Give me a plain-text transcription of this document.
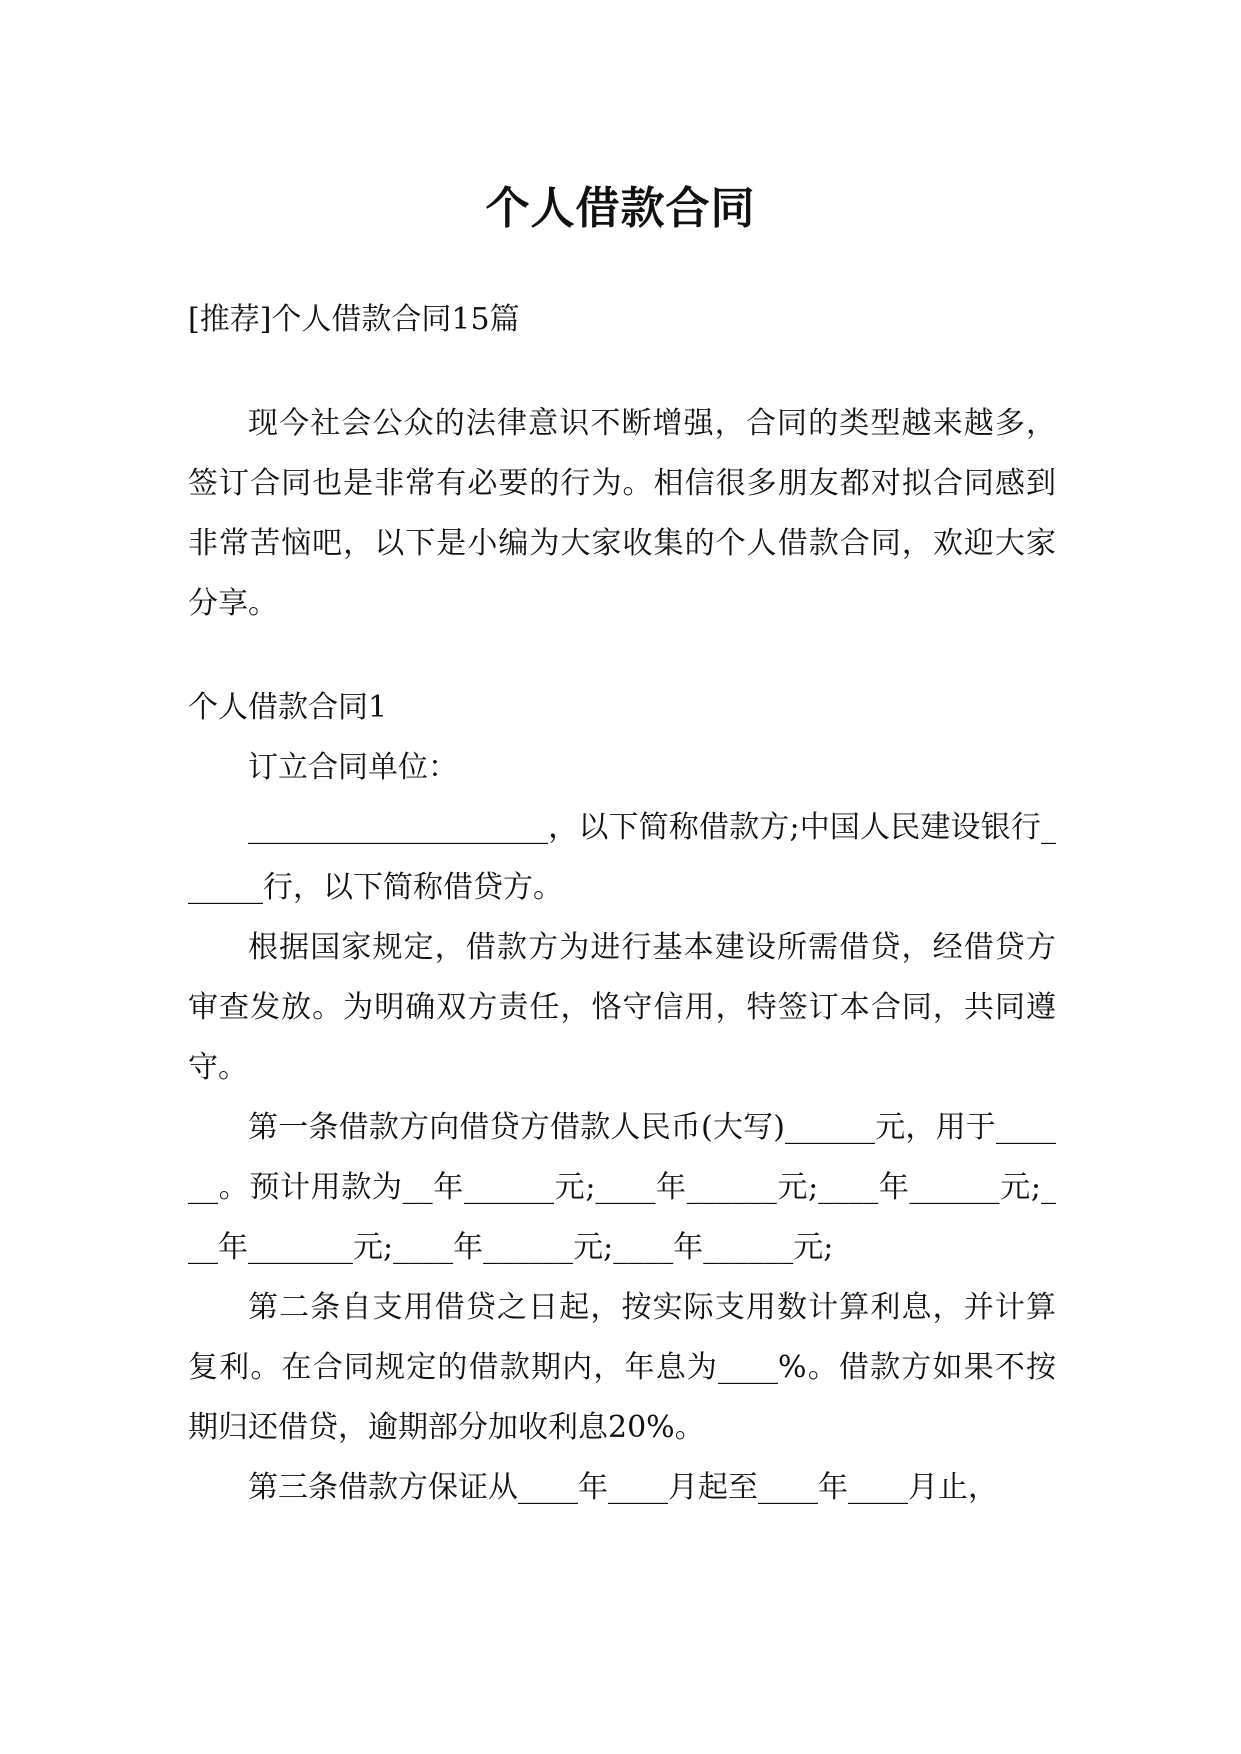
个人借款合同

[推荐]个人借款合同15篇

现今社会公众的法律意识不断增强，合同的类型越来越多，签订合同也是非常有必要的行为。相信很多朋友都对拟合同感到非常苦恼吧，以下是小编为大家收集的个人借款合同，欢迎大家分享。

个人借款合同1

订立合同单位：

____________________，以下简称借款方;中国人民建设银行______行，以下简称借贷方。

根据国家规定，借款方为进行基本建设所需借贷，经借贷方审查发放。为明确双方责任，恪守信用，特签订本合同，共同遵守。

第一条借款方向借贷方借款人民币(大写)______元，用于______。预计用款为__年______元;____年______元;____年______元;___年_______元;____年______元;____年______元;

第二条自支用借贷之日起，按实际支用数计算利息，并计算复利。在合同规定的借款期内，年息为____%。借款方如果不按期归还借贷，逾期部分加收利息20%。

第三条借款方保证从____年____月起至____年____月止，
